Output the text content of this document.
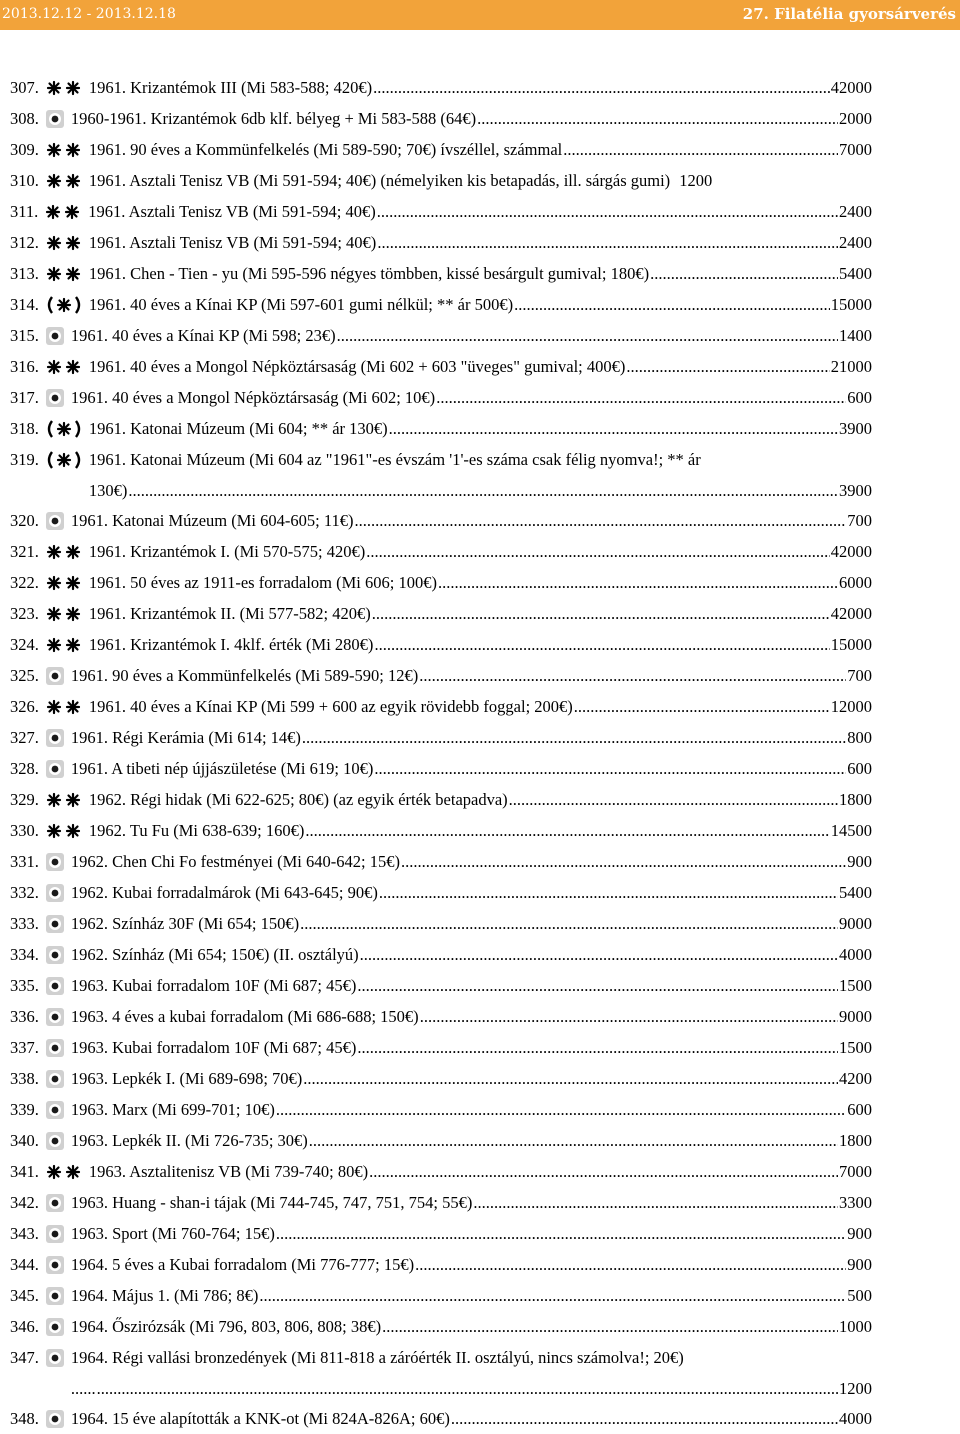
2013.12.12 - 2013.12.18	27. Filatélia gyorsárverés
307.	1961. Krizantémok III (Mi 583-588; 420€) .....	42000
308. 1960-1961. Krizantémok 6db klf. bélyeg + Mi 583-588 (64€) .....	2000
309.	1961. 90 éves a Kommünfelkelés (Mi 589-590; 70€) ívszéllel, számmal .....	7000
310.	1961. Asztali Tenisz VB (Mi 591-594; 40€) (némelyiken kis betapadás, ill. sárgás gumi) 1200
311.	1961. Asztali Tenisz VB (Mi 591-594; 40€) .....	2400
312.	1961. Asztali Tenisz VB (Mi 591-594; 40€) .....	2400
313.	1961. Chen - Tien - yu (Mi 595-596 négyes tömbben, kissé besárgult gumival; 180€) .....	5400
314.	1961. 40 éves a Kínai KP (Mi 597-601 gumi nélkül; ** ár 500€) .....	15000
315. 1961. 40 éves a Kínai KP (Mi 598; 23€) .....	1400
316.	1961. 40 éves a Mongol Népköztársaság (Mi 602 + 603 "üveges" gumival; 400€) .....	21000
317. 1961. 40 éves a Mongol Népköztársaság (Mi 602; 10€) .....	600
318.	1961. Katonai Múzeum (Mi 604; ** ár 130€) .....	3900
319.	1961. Katonai Múzeum (Mi 604 az "1961"-es évszám '1'-es száma csak félig nyomva!; ** ár
130€) .....	3900
320. 1961. Katonai Múzeum (Mi 604-605; 11€) .....	700
321.	1961. Krizantémok I. (Mi 570-575; 420€) .....	42000
322.	1961. 50 éves az 1911-es forradalom (Mi 606; 100€) .....	6000
323.	1961. Krizantémok II. (Mi 577-582; 420€) .....	42000
324.	1961. Krizantémok I. 4klf. érték (Mi 280€) .....	15000
325. 1961. 90 éves a Kommünfelkelés (Mi 589-590; 12€) .....	700
326.	1961. 40 éves a Kínai KP (Mi 599 + 600 az egyik rövidebb foggal; 200€) .....	12000
327. 1961. Régi Kerámia (Mi 614; 14€) .....	800
328. 1961. A tibeti nép újjászületése (Mi 619; 10€) .....	600
329.	1962. Régi hidak (Mi 622-625; 80€) (az egyik érték betapadva) .....	1800
330.	1962. Tu Fu (Mi 638-639; 160€) .....	14500
331. 1962. Chen Chi Fo festményei (Mi 640-642; 15€) .....	900
332. 1962. Kubai forradalmárok (Mi 643-645; 90€) .....	5400
333. 1962. Színház 30F (Mi 654; 150€) .....	9000
334. 1962. Színház (Mi 654; 150€) (II. osztályú) .....	4000
335. 1963. Kubai forradalom 10F (Mi 687; 45€) .....	1500
336. 1963. 4 éves a kubai forradalom (Mi 686-688; 150€) .....	9000
337. 1963. Kubai forradalom 10F (Mi 687; 45€) .....	1500
338. 1963. Lepkék I. (Mi 689-698; 70€) .....	4200
339. 1963. Marx (Mi 699-701; 10€) .....	600
340. 1963. Lepkék II. (Mi 726-735; 30€) .....	1800
341.	1963. Asztalitenisz VB (Mi 739-740; 80€) .....	7000
342. 1963. Huang - shan-i tájak (Mi 744-745, 747, 751, 754; 55€) .....	3300
343. 1963. Sport (Mi 760-764; 15€) .....	900
344. 1964. 5 éves a Kubai forradalom (Mi 776-777; 15€) .....	900
345. 1964. Május 1. (Mi 786; 8€) .....	500
346. 1964. Őszirózsák (Mi 796, 803, 806, 808; 38€) .....	1000
347. 1964. Régi vallási bronzedények (Mi 811-818 a záróérték II. osztályú, nincs számolva!; 20€)
...... .....	1200
348. 1964. 15 éve alapították a KNK-ot (Mi 824A-826A; 60€) .....	4000
